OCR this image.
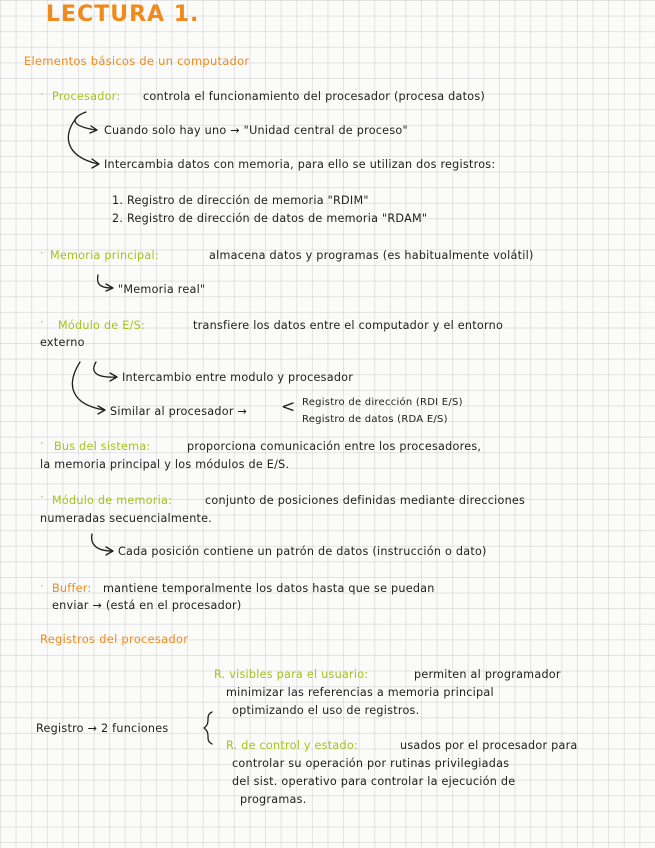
LECTURA 1.
Elementos básicos de un computador
· Procesador: controla el funcionamiento del procesador (procesa datos)
Cuando solo hay uno → "Unidad central de proceso"
Intercambia datos con memoria, para ello se utilizan dos registros:
1. Registro de dirección de memoria "RDIM"
2. Registro de dirección de datos de memoria "RDAM"
· Memoria principal:	almacena datos y programas (es habitualmente volátil)
"Memoria real"
· Módulo de E/S:	transfiere los datos entre el computador y el entorno
externo
Intercambio entre modulo y procesador
Similar al procesador → < Registro de dirección (RDI E/S)
Registro de datos (RDA E/S)
· Bus del sistema:	proporciona comunicación entre los procesadores,
la memoria principal y los módulos de E/S.
· Módulo de memoria:	conjunto de posiciones definidas mediante direcciones
numeradas secuencialmente.
Cada posición contiene un patrón de datos (instrucción o dato)
· Buffer: mantiene temporalmente los datos hasta que se puedan
enviar → (está en el procesador)
Registros del procesador
Registro → 2 funciones
R. visibles para el usuario:	permiten al programador
minimizar las referencias a memoria principal
optimizando el uso de registros.
R. de control y estado:	usados por el procesador para
controlar su operación por rutinas privilegiadas
del sist. operativo para controlar la ejecución de
programas.
